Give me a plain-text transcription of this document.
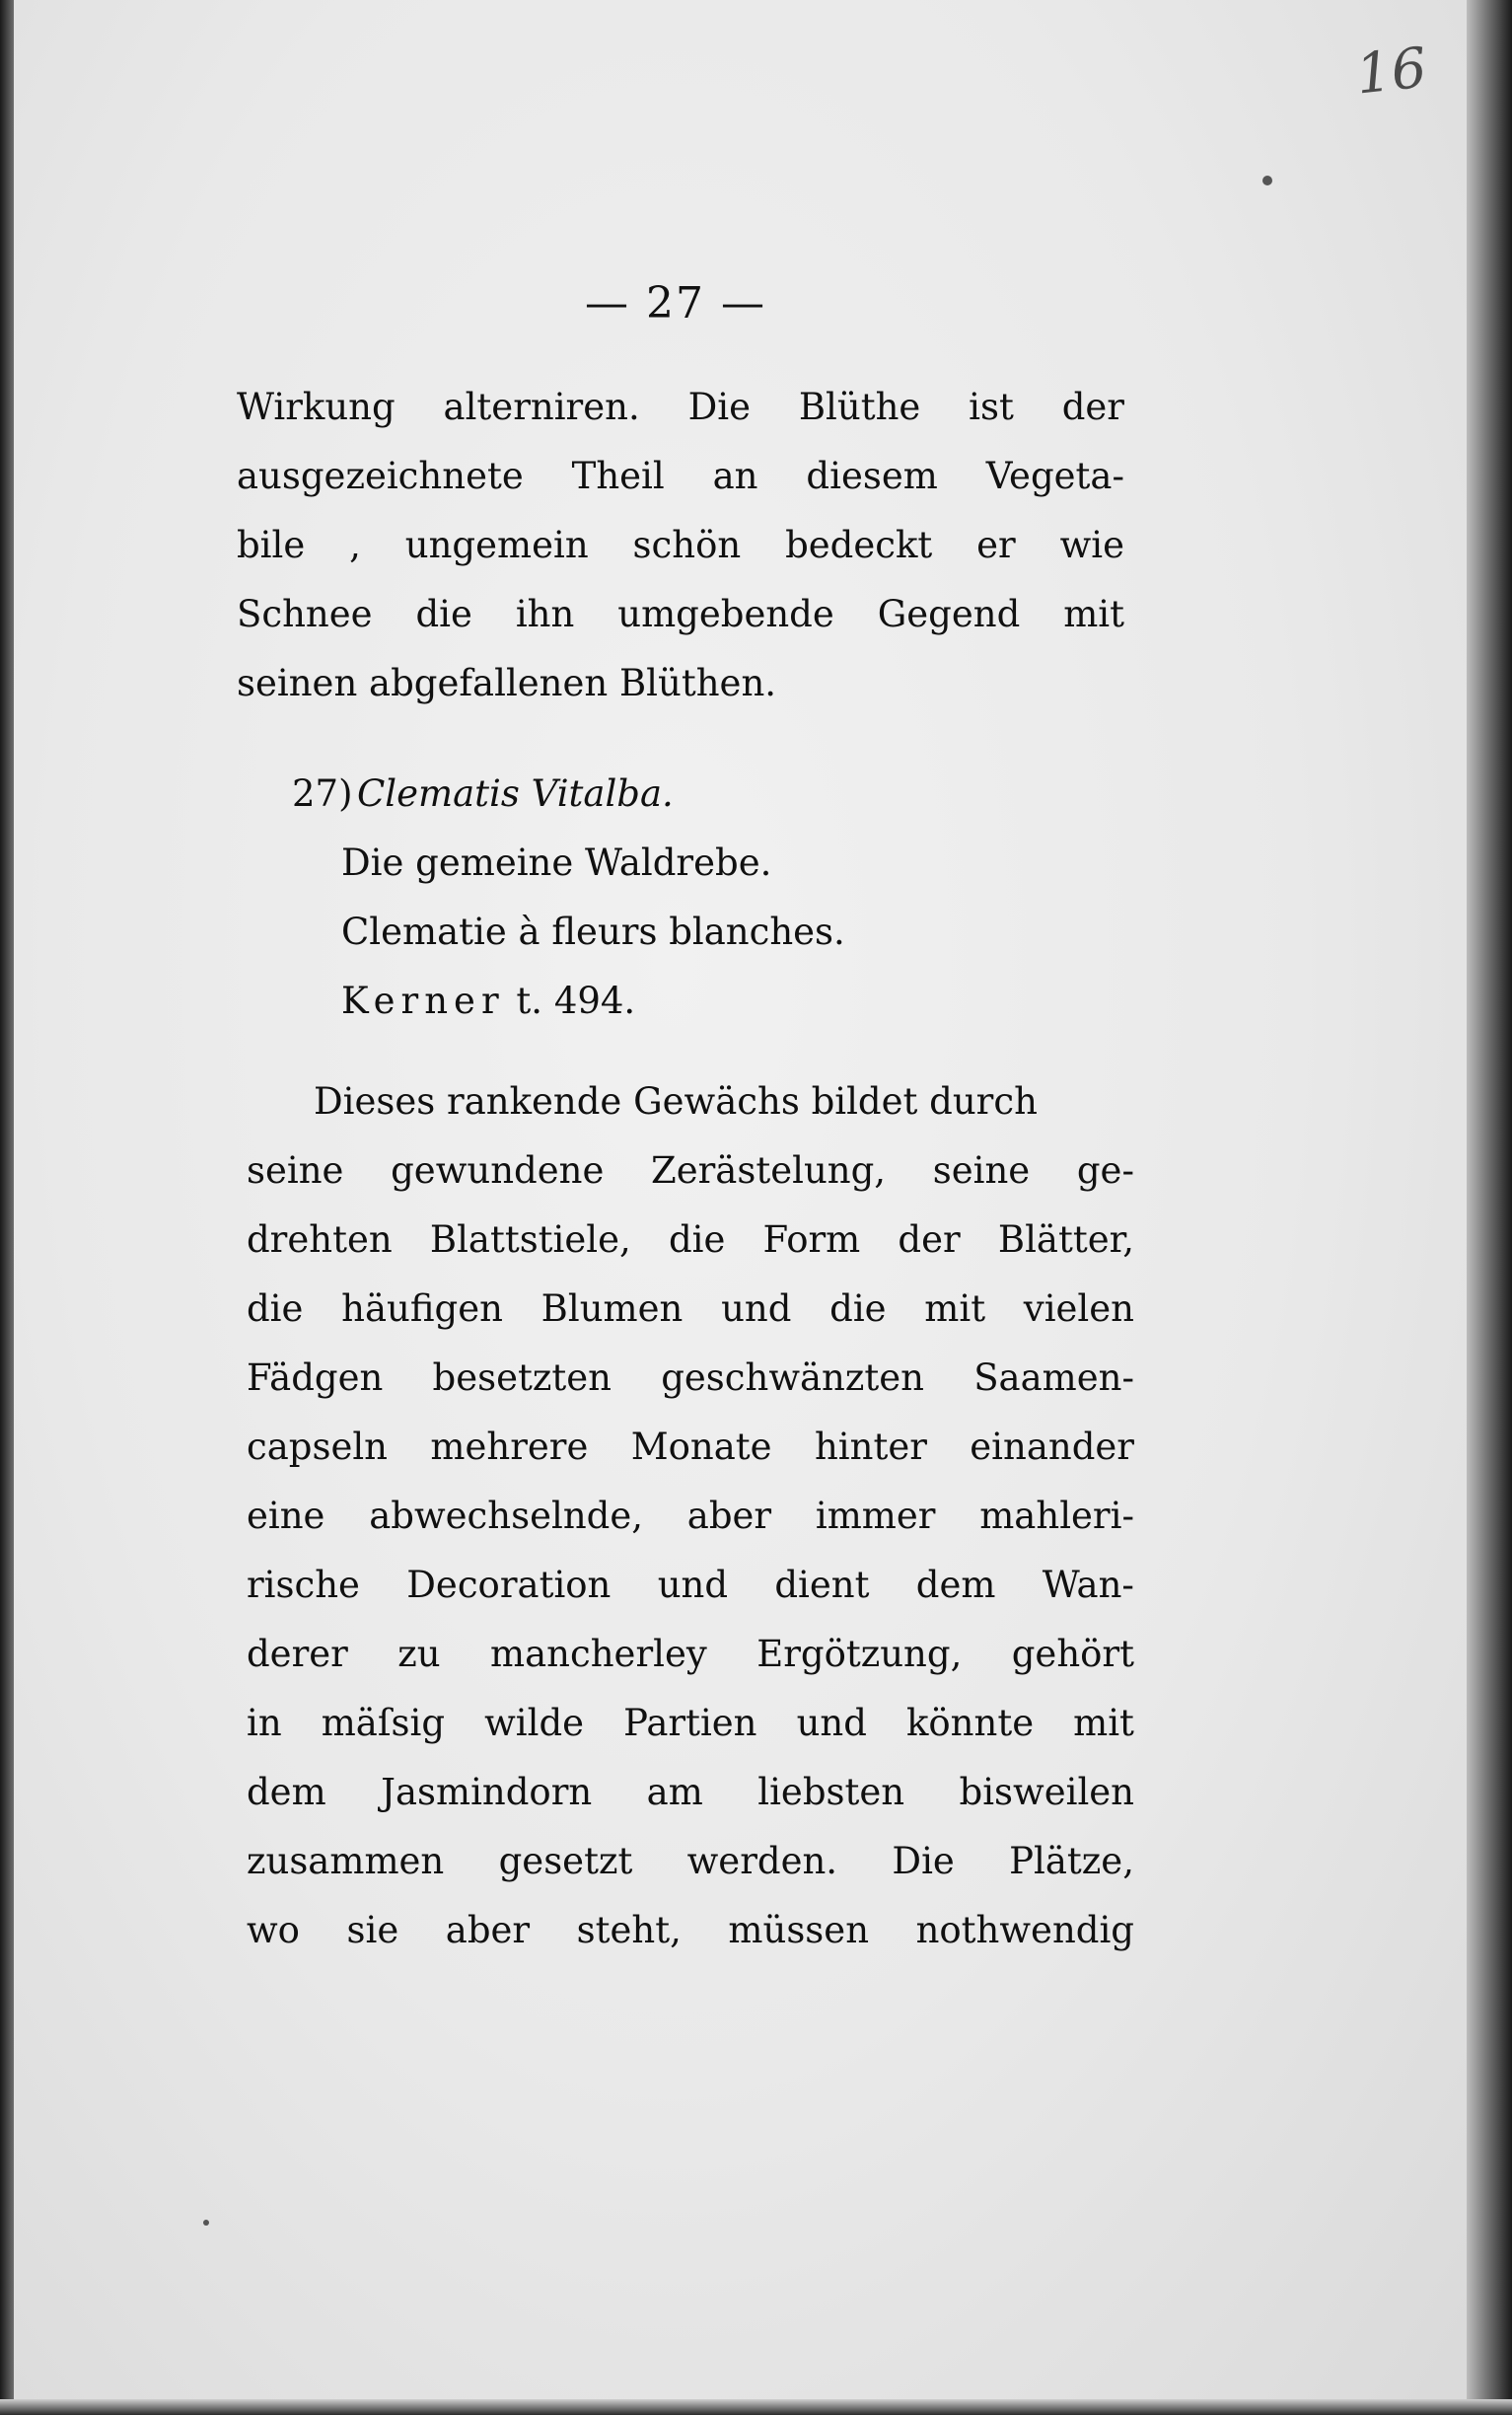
16
— 27 —
Wirkung alterniren. Die Blüthe ist der
ausgezeichnete Theil an diesem Vegeta-
bile , ungemein schön bedeckt er wie
Schnee die ihn umgebende Gegend mit
seinen abgefallenen Blüthen.
27) Clematis Vitalba.
Die gemeine Waldrebe.
Clematie à fleurs blanches.
Kerner t. 494.
Dieses rankende Gewächs bildet durch
seine gewundene Zerästelung, seine ge-
drehten Blattstiele, die Form der Blätter,
die häufigen Blumen und die mit vielen
Fädgen besetzten geschwänzten Saamen-
capseln mehrere Monate hinter einander
eine abwechselnde, aber immer mahleri-
rische Decoration und dient dem Wan-
derer zu mancherley Ergötzung, gehört
in mäſsig wilde Partien und könnte mit
dem Jasmindorn am liebsten bisweilen
zusammen gesetzt werden. Die Plätze,
wo sie aber steht, müssen nothwendig
